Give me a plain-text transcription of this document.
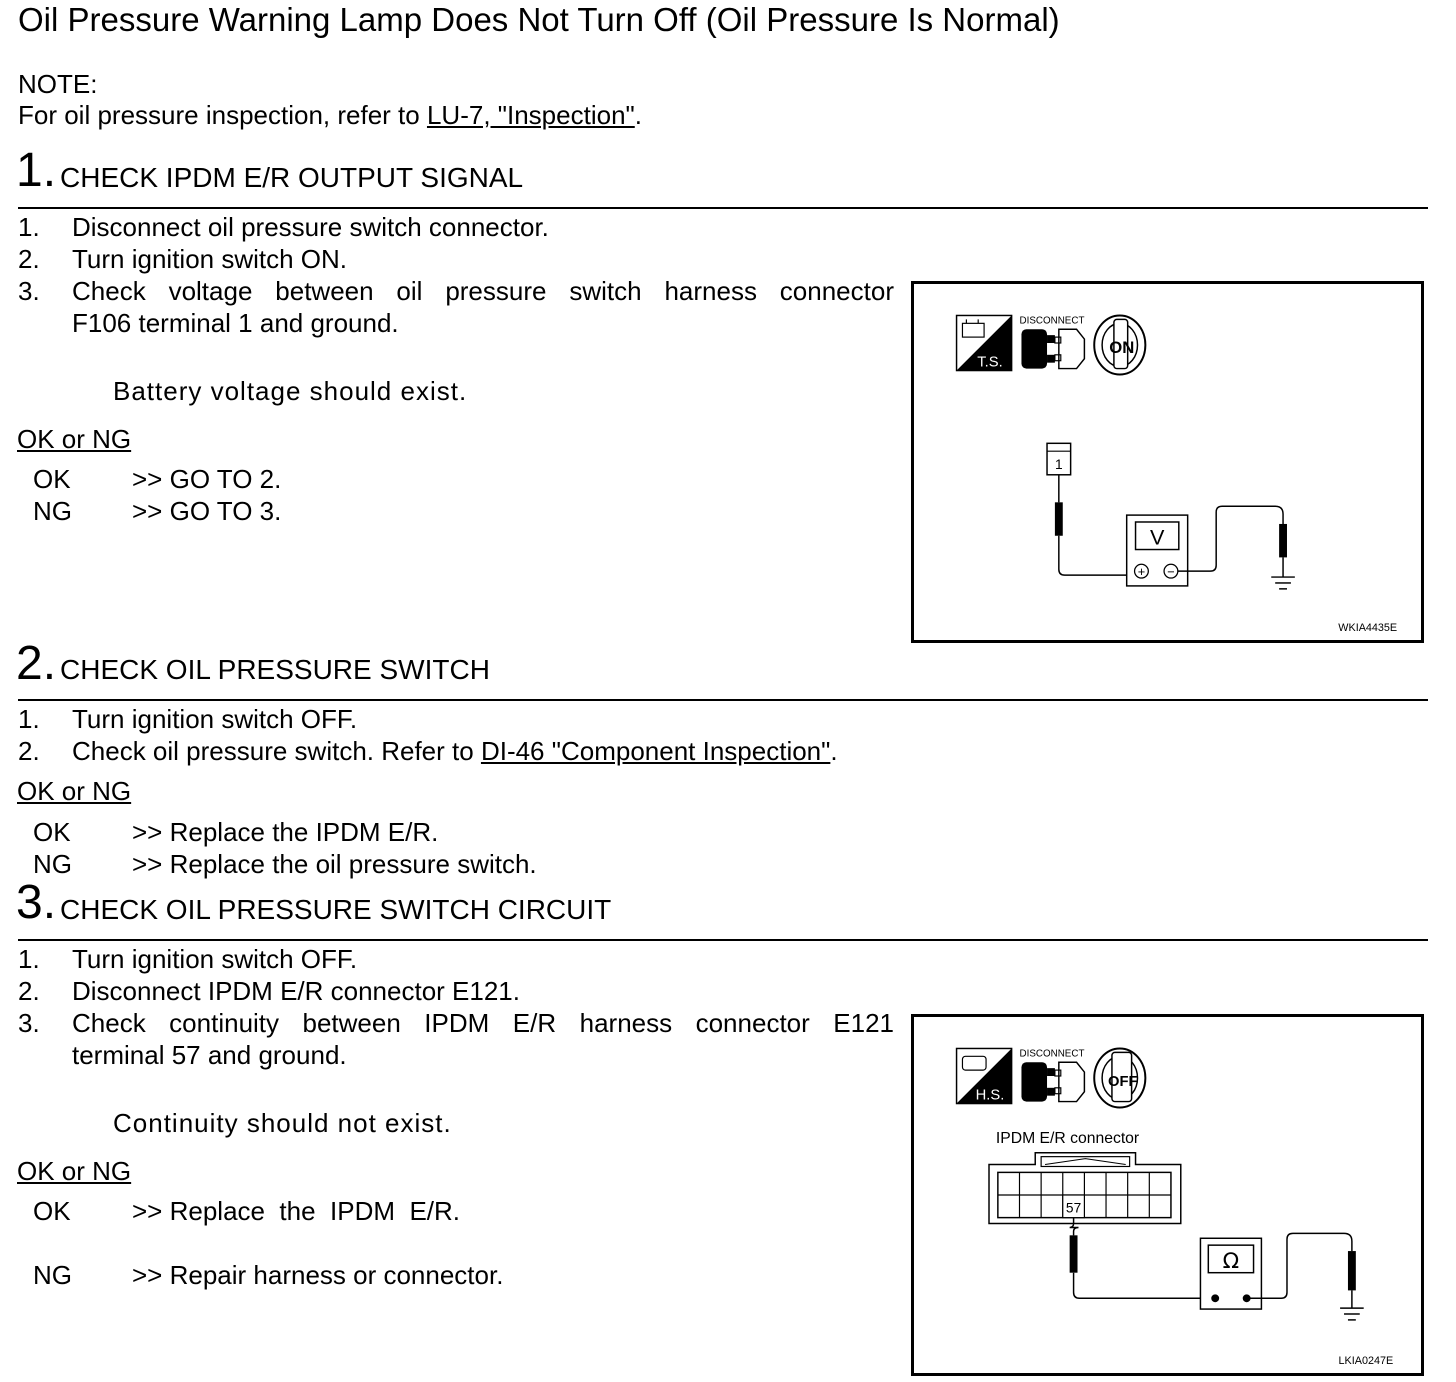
Oil Pressure Warning Lamp Does Not Turn Off (Oil Pressure Is Normal)
NOTE:
For oil pressure inspection, refer to LU-7, "Inspection".
1. CHECK IPDM E/R OUTPUT SIGNAL
1. Disconnect oil pressure switch connector.
2. Turn ignition switch ON.
3. Check voltage between oil pressure switch harness connector
F106 terminal 1 and ground.
Battery voltage should exist.
OK or NG
OK >> GO TO 2.
NG >> GO TO 3.
T.S.
DISCONNECT
ON
1
V
+ −
WKIA4435E
2. CHECK OIL PRESSURE SWITCH
1. Turn ignition switch OFF.
2. Check oil pressure switch. Refer to DI-46 "Component Inspection".
OK or NG
OK >> Replace the IPDM E/R.
NG >> Replace the oil pressure switch.
3. CHECK OIL PRESSURE SWITCH CIRCUIT
1. Turn ignition switch OFF.
2. Disconnect IPDM E/R connector E121.
3. Check continuity between IPDM E/R harness connector E121
terminal 57 and ground.
Continuity should not exist.
OK or NG
OK >> Replace  the  IPDM  E/R.
NG >> Repair harness or connector.
H.S.
DISCONNECT
OFF
IPDM E/R connector
57
Ω
LKIA0247E
